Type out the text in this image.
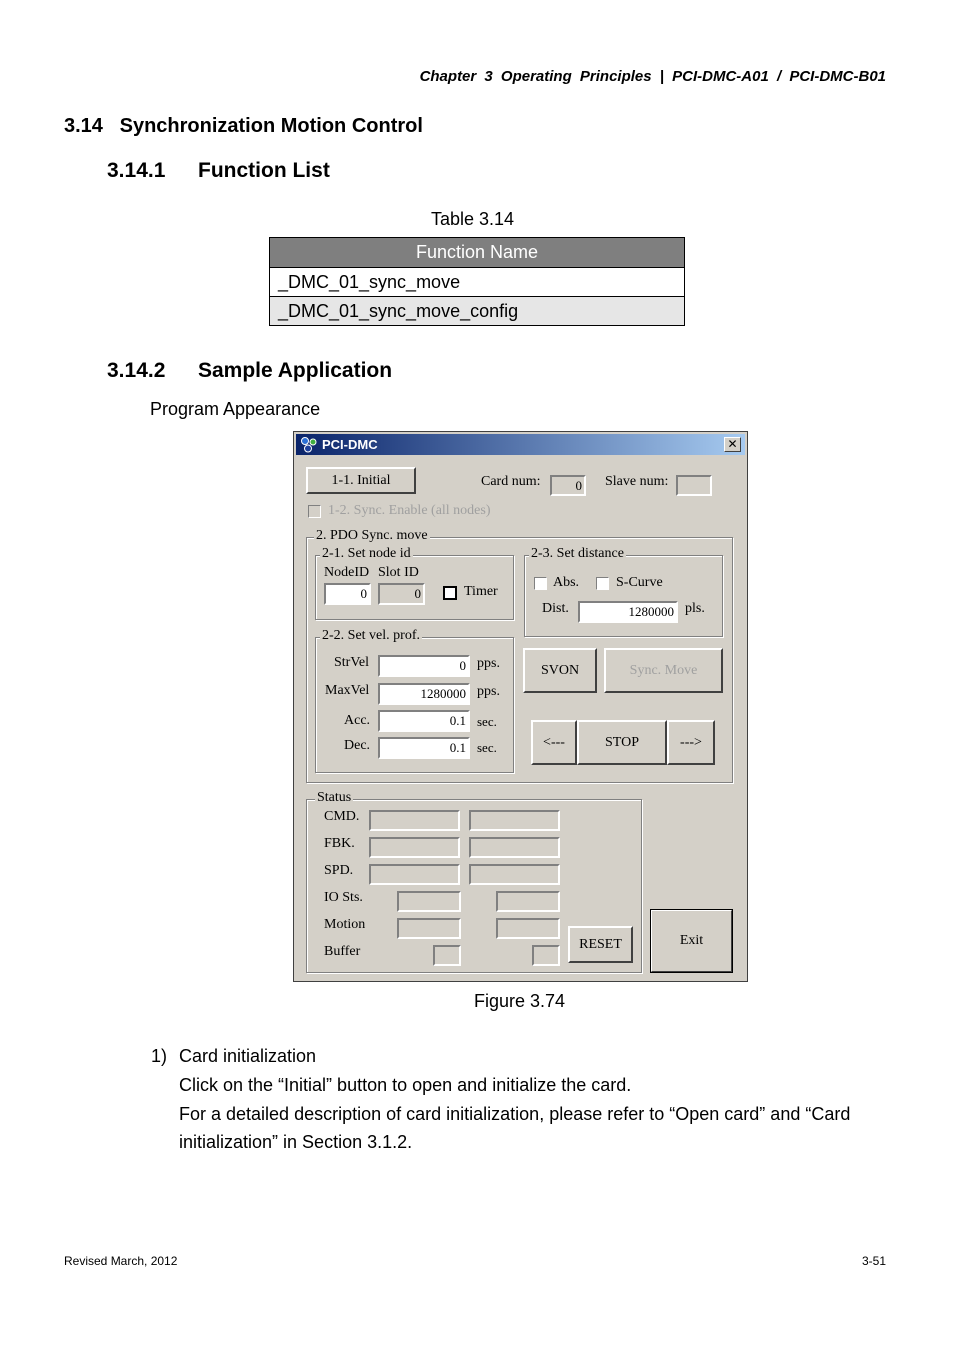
Chapter 3 Operating Principles | PCI-DMC-A01 / PCI-DMC-B01
3.14 Synchronization Motion Control
3.14.1 Function List
Table 3.14
Function Name
_DMC_01_sync_move
_DMC_01_sync_move_config
3.14.2 Sample Application
Program Appearance
PCI-DMC	✕
1-1. Initial	Card num:	0 Slave num:
1-2. Sync. Enable (all nodes)
2. PDO Sync. move
2-1. Set node id
NodeID Slot ID
0	0	Timer
2-3. Set distance
Abs.	S-Curve
Dist.	1280000 pls.
2-2. Set vel. prof.
StrVel	0 pps.
MaxVel	1280000 pps.
Acc.	0.1 sec.
Dec.	0.1 sec.
SVON	Sync. Move
<---	STOP	--->
Status
CMD.
FBK.
SPD.
IO Sts.
Motion
Buffer	RESET	Exit
Figure 3.74
1) Card initialization
Click on the “Initial” button to open and initialize the card.
For a detailed description of card initialization, please refer to “Open card” and “Card
initialization” in Section 3.1.2.
Revised March, 2012	3-51
